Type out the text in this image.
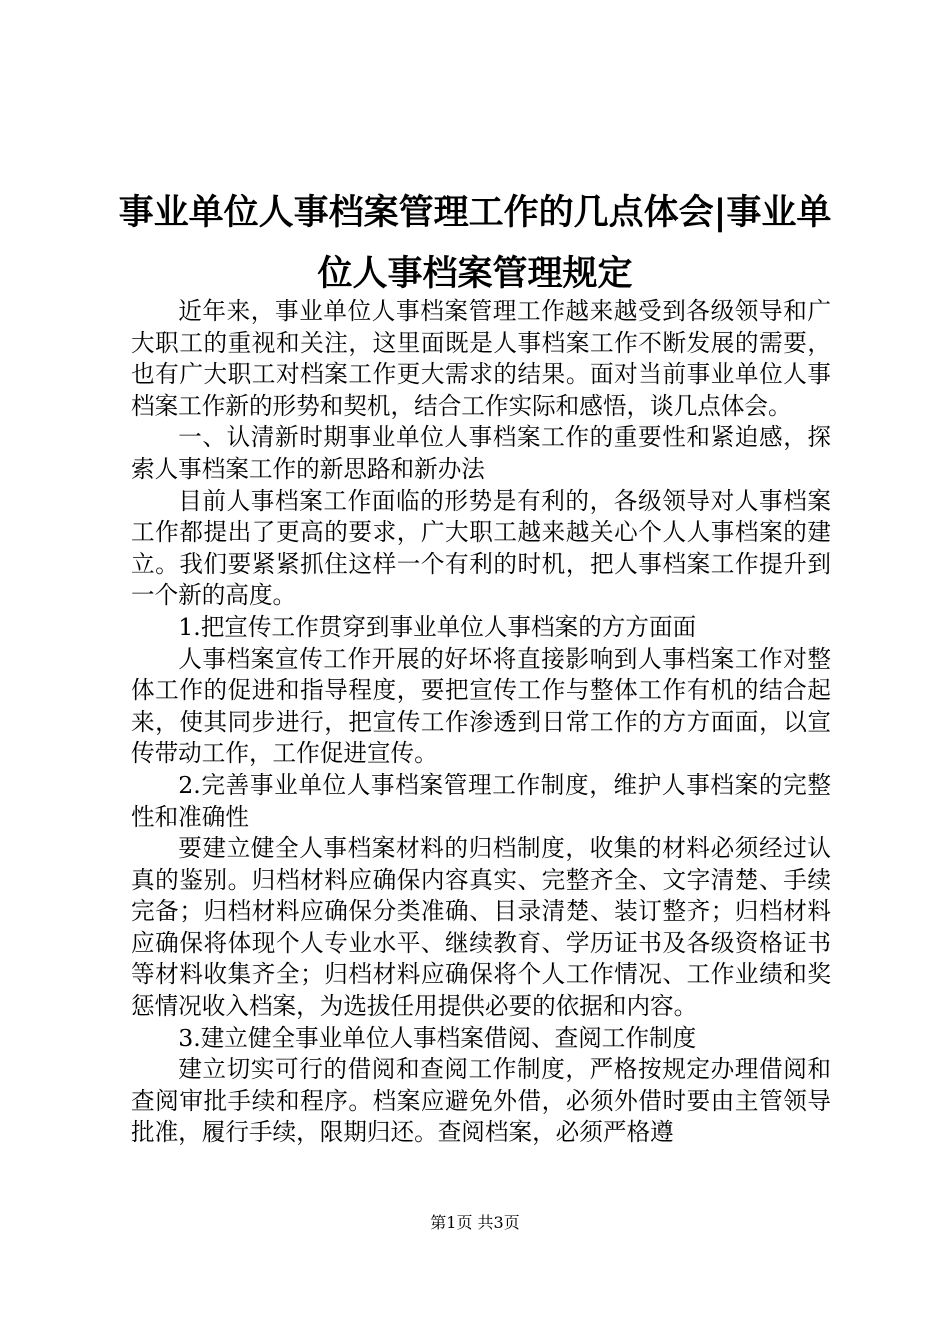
事业单位人事档案管理工作的几点体会|事业单位人事档案管理规定

近年来，事业单位人事档案管理工作越来越受到各级领导和广大职工的重视和关注，这里面既是人事档案工作不断发展的需要，也有广大职工对档案工作更大需求的结果。面对当前事业单位人事档案工作新的形势和契机，结合工作实际和感悟，谈几点体会。

一、认清新时期事业单位人事档案工作的重要性和紧迫感，探索人事档案工作的新思路和新办法

目前人事档案工作面临的形势是有利的，各级领导对人事档案工作都提出了更高的要求，广大职工越来越关心个人人事档案的建立。我们要紧紧抓住这样一个有利的时机，把人事档案工作提升到一个新的高度。

1.把宣传工作贯穿到事业单位人事档案的方方面面

人事档案宣传工作开展的好坏将直接影响到人事档案工作对整体工作的促进和指导程度，要把宣传工作与整体工作有机的结合起来，使其同步进行，把宣传工作渗透到日常工作的方方面面，以宣传带动工作，工作促进宣传。

2.完善事业单位人事档案管理工作制度，维护人事档案的完整性和准确性

要建立健全人事档案材料的归档制度，收集的材料必须经过认真的鉴别。归档材料应确保内容真实、完整齐全、文字清楚、手续完备；归档材料应确保分类准确、目录清楚、装订整齐；归档材料应确保将体现个人专业水平、继续教育、学历证书及各级资格证书等材料收集齐全；归档材料应确保将个人工作情况、工作业绩和奖惩情况收入档案，为选拔任用提供必要的依据和内容。

3.建立健全事业单位人事档案借阅、查阅工作制度

建立切实可行的借阅和查阅工作制度，严格按规定办理借阅和查阅审批手续和程序。档案应避免外借，必须外借时要由主管领导批准，履行手续，限期归还。查阅档案，必须严格遵

第1页 共3页
